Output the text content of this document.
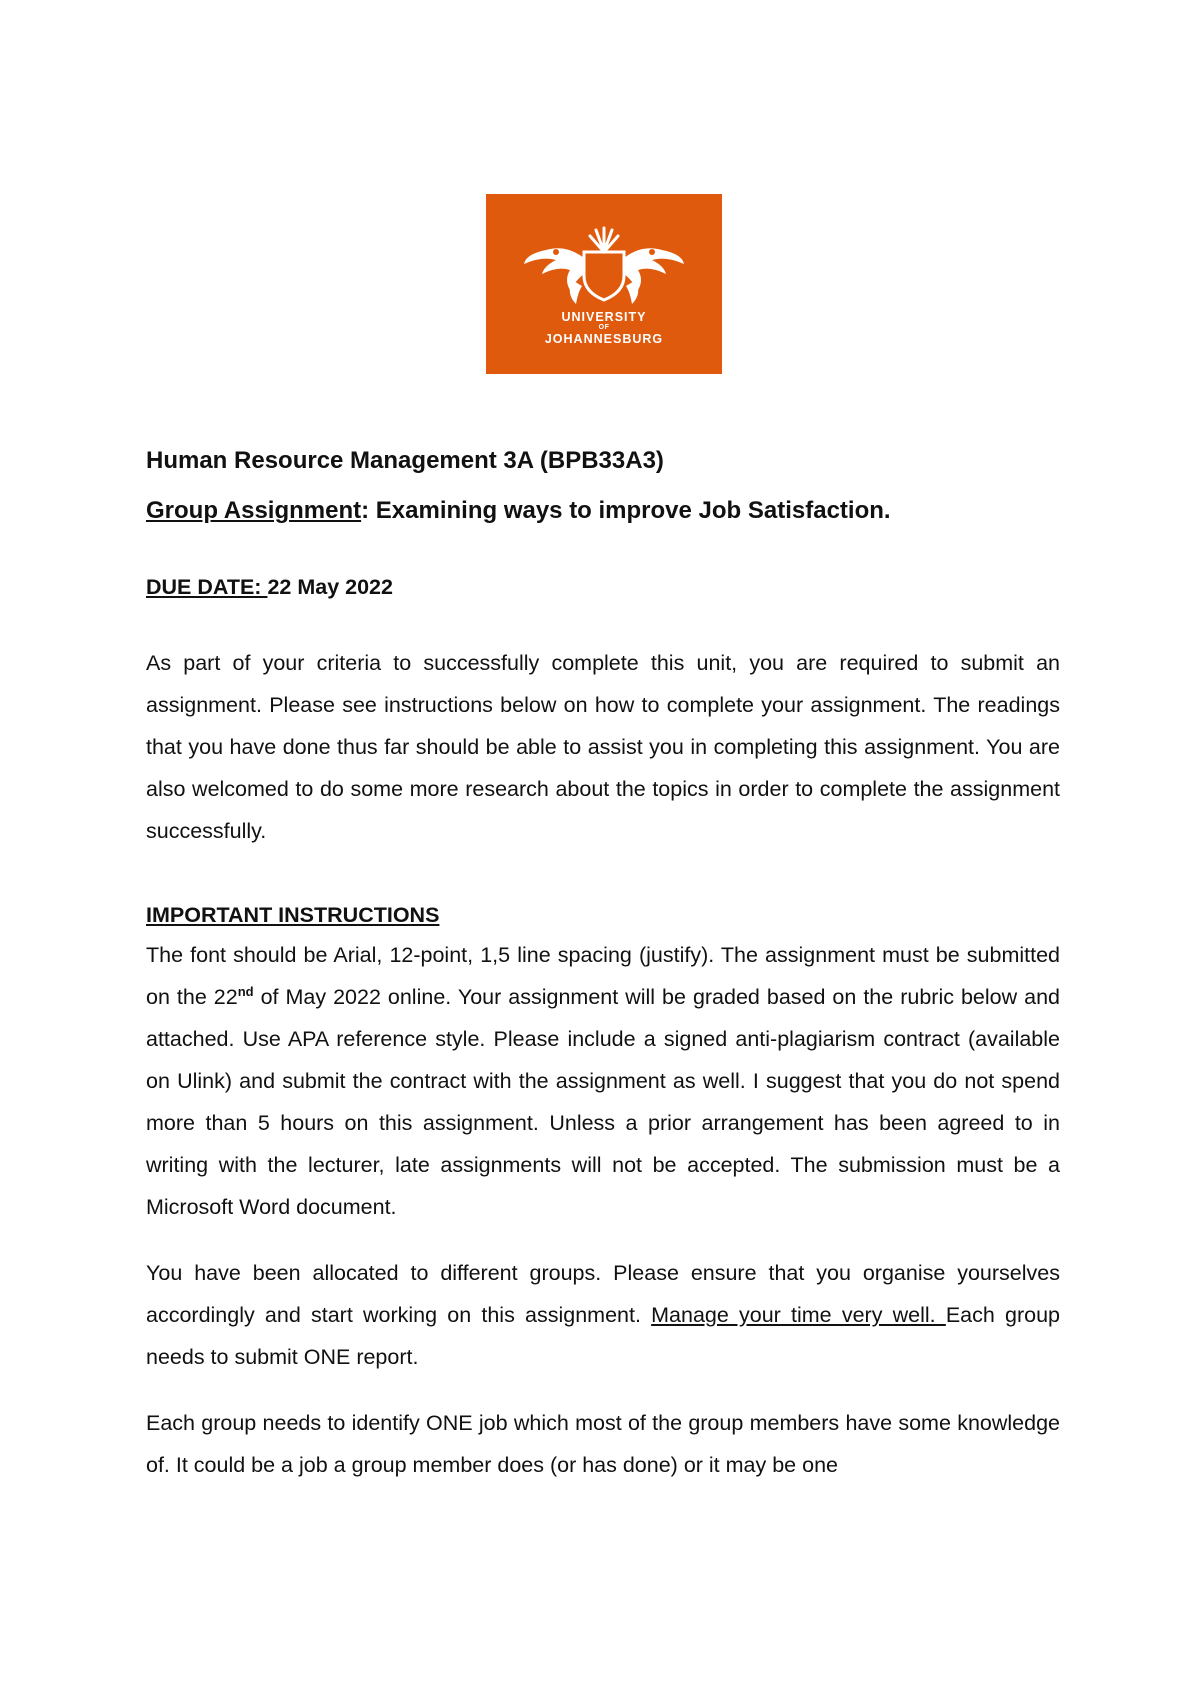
UNIVERSITY
OF
JOHANNESBURG

Human Resource Management 3A (BPB33A3)

Group Assignment: Examining ways to improve Job Satisfaction.

DUE DATE: 22 May 2022

As part of your criteria to successfully complete this unit, you are required to submit an assignment. Please see instructions below on how to complete your assignment. The readings that you have done thus far should be able to assist you in completing this assignment. You are also welcomed to do some more research about the topics in order to complete the assignment successfully.

IMPORTANT INSTRUCTIONS

The font should be Arial, 12-point, 1,5 line spacing (justify). The assignment must be submitted on the 22nd of May 2022 online. Your assignment will be graded based on the rubric below and attached. Use APA reference style. Please include a signed anti-plagiarism contract (available on Ulink) and submit the contract with the assignment as well. I suggest that you do not spend more than 5 hours on this assignment. Unless a prior arrangement has been agreed to in writing with the lecturer, late assignments will not be accepted. The submission must be a Microsoft Word document.

You have been allocated to different groups. Please ensure that you organise yourselves accordingly and start working on this assignment. Manage your time very well. Each group needs to submit ONE report.

Each group needs to identify ONE job which most of the group members have some knowledge of. It could be a job a group member does (or has done) or it may be one
